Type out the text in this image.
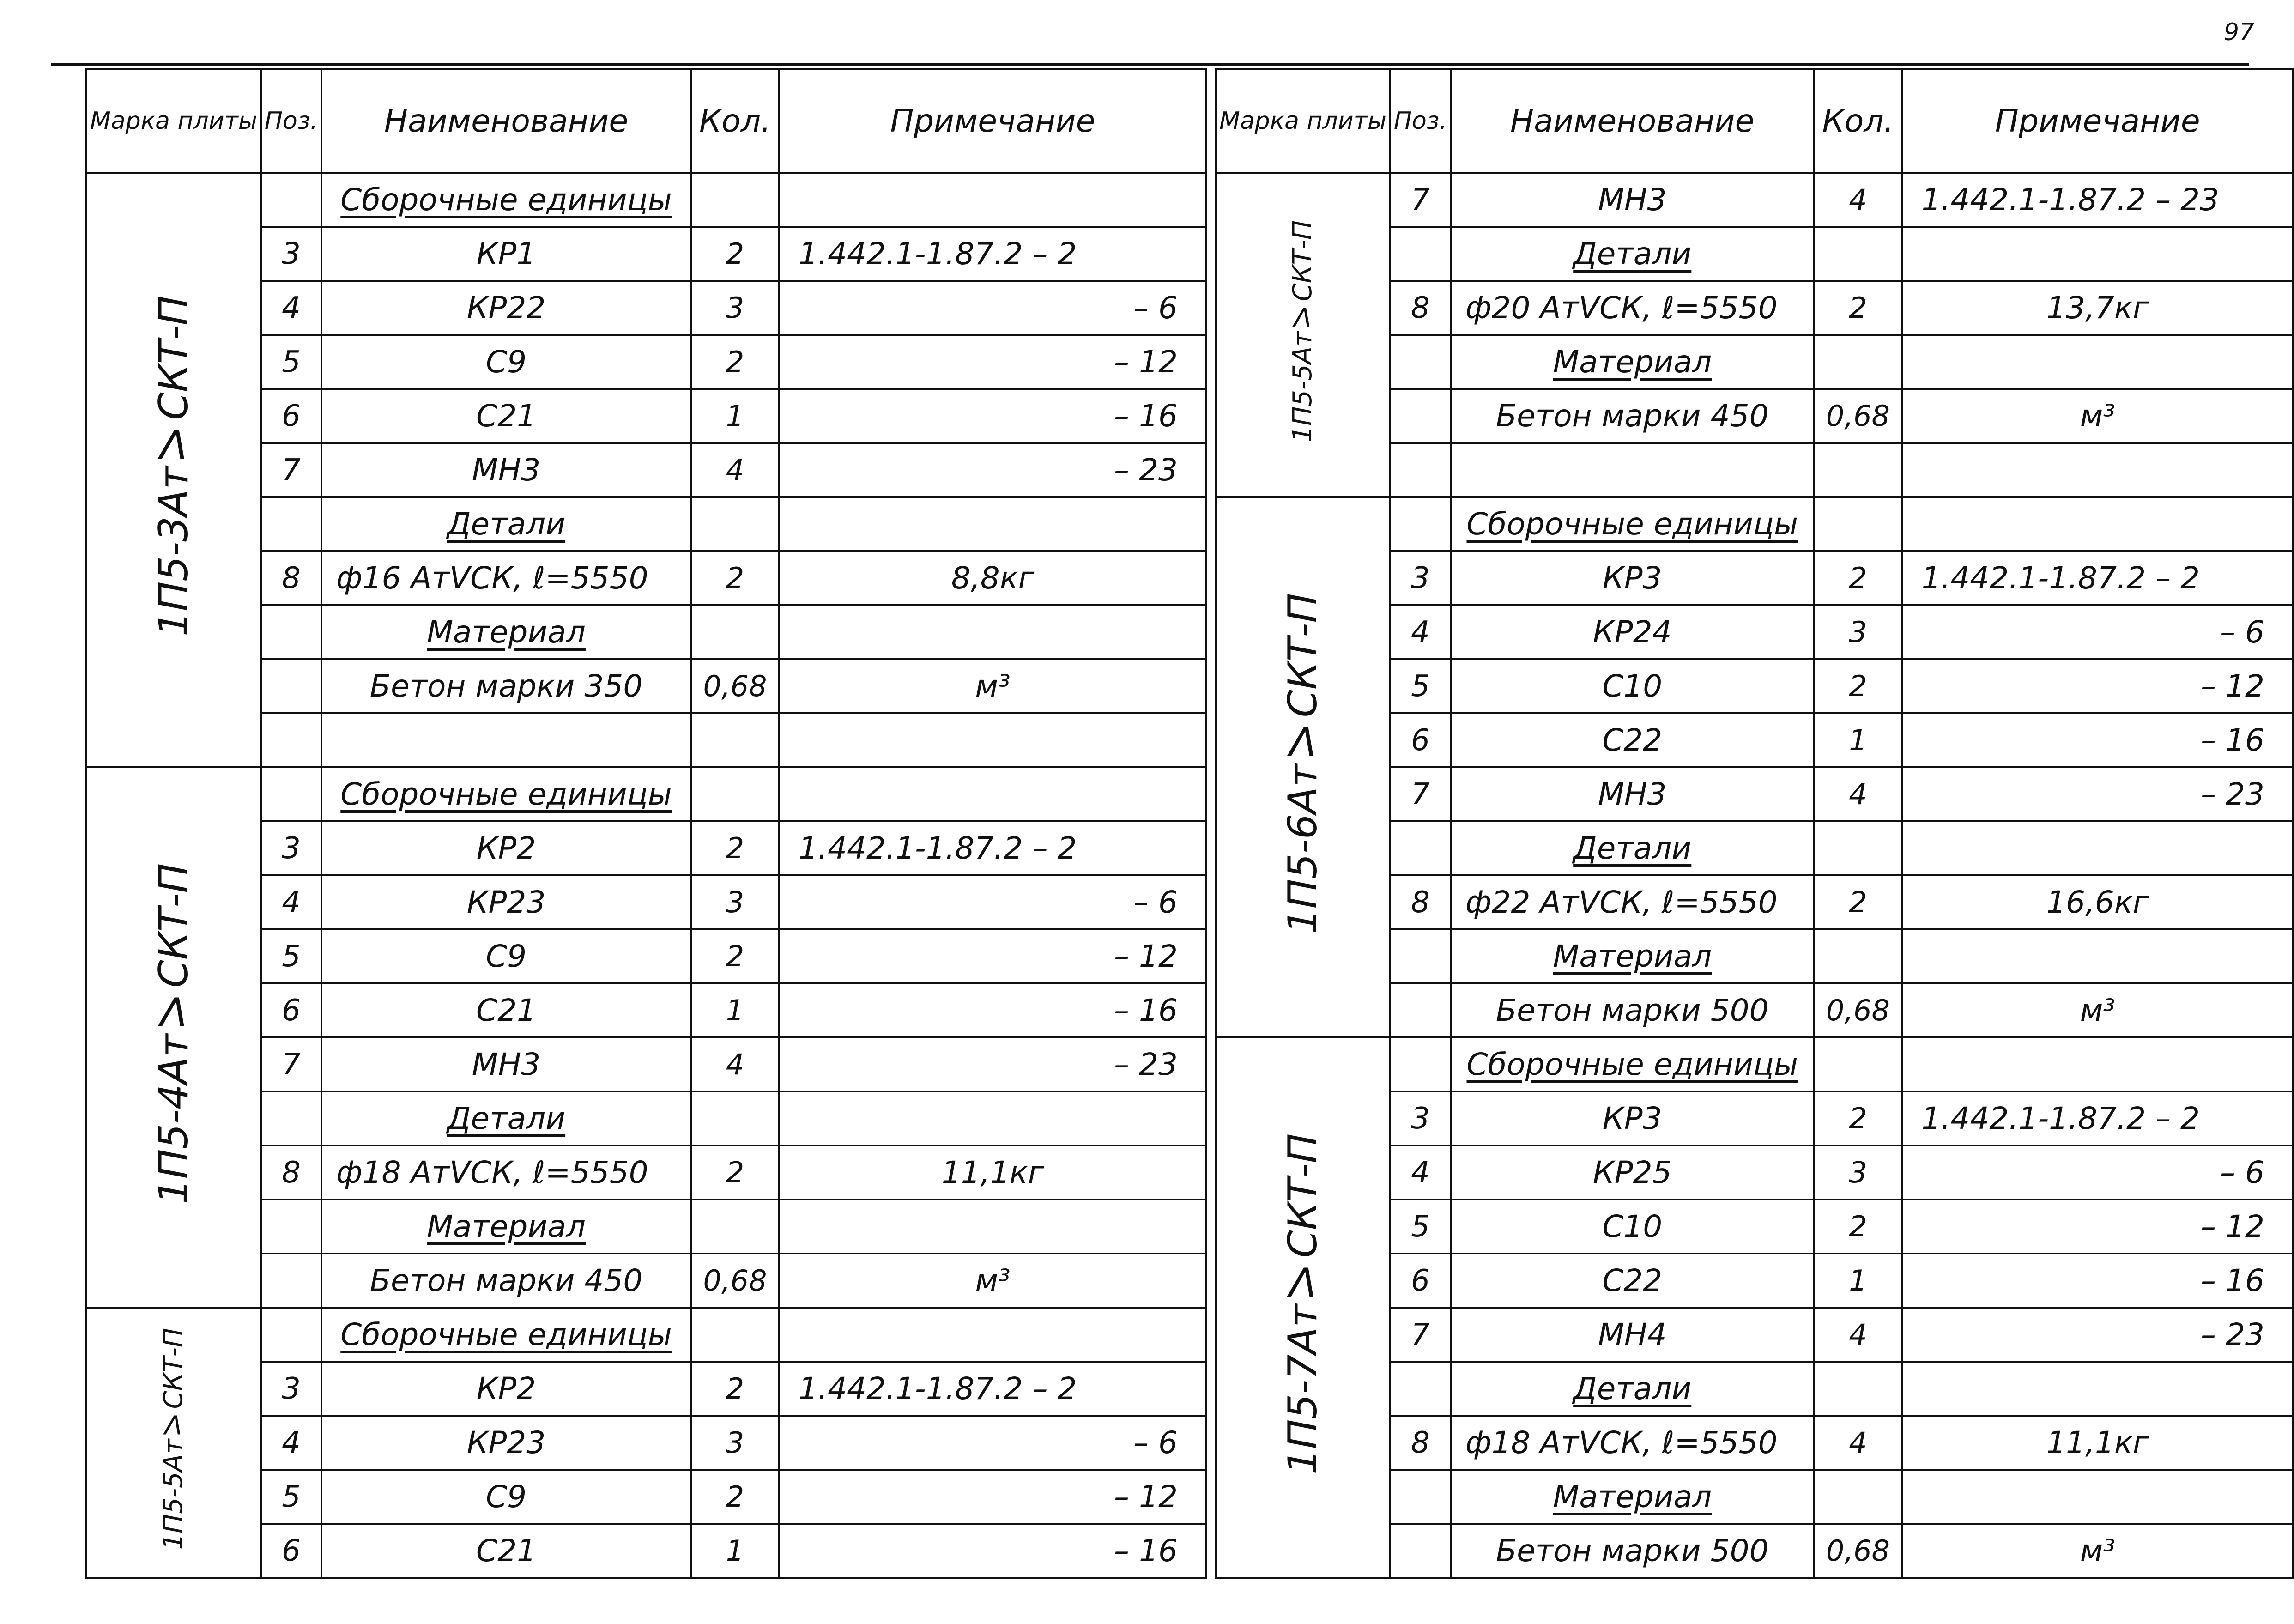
97
Марка плиты	Поз.	Наименование	Кол.	Примечание
1П5-3АтⅤСКТ-П		Сборочные единицы		
	3	КР1	2	1.442.1-1.87.2 – 2
	4	КР22	3	– 6
	5	С9	2	– 12
	6	С21	1	– 16
	7	МН3	4	– 23
		Детали		
	8	ф16 АтⅤСК, ℓ=5550	2	8,8кг
		Материал		
		Бетон марки 350	0,68	м³

1П5-4АтⅤСКТ-П		Сборочные единицы		
	3	КР2	2	1.442.1-1.87.2 – 2
	4	КР23	3	– 6
	5	С9	2	– 12
	6	С21	1	– 16
	7	МН3	4	– 23
		Детали		
	8	ф18 АтⅤСК, ℓ=5550	2	11,1кг
		Материал		
		Бетон марки 450	0,68	м³
1П5-5АтⅤСКТ-П		Сборочные единицы		
	3	КР2	2	1.442.1-1.87.2 – 2
	4	КР23	3	– 6
	5	С9	2	– 12
	6	С21	1	– 16
Марка плиты	Поз.	Наименование	Кол.	Примечание
1П5-5АтⅤСКТ-П	7	МН3	4	1.442.1-1.87.2 – 23
		Детали		
	8	ф20 АтⅤСК, ℓ=5550	2	13,7кг
		Материал		
		Бетон марки 450	0,68	м³

1П5-6АтⅤСКТ-П		Сборочные единицы		
	3	КР3	2	1.442.1-1.87.2 – 2
	4	КР24	3	– 6
	5	С10	2	– 12
	6	С22	1	– 16
	7	МН3	4	– 23
		Детали		
	8	ф22 АтⅤСК, ℓ=5550	2	16,6кг
		Материал		
		Бетон марки 500	0,68	м³
1П5-7АтⅤСКТ-П		Сборочные единицы		
	3	КР3	2	1.442.1-1.87.2 – 2
	4	КР25	3	– 6
	5	С10	2	– 12
	6	С22	1	– 16
	7	МН4	4	– 23
		Детали		
	8	ф18 АтⅤСК, ℓ=5550	4	11,1кг
		Материал		
		Бетон марки 500	0,68	м³
